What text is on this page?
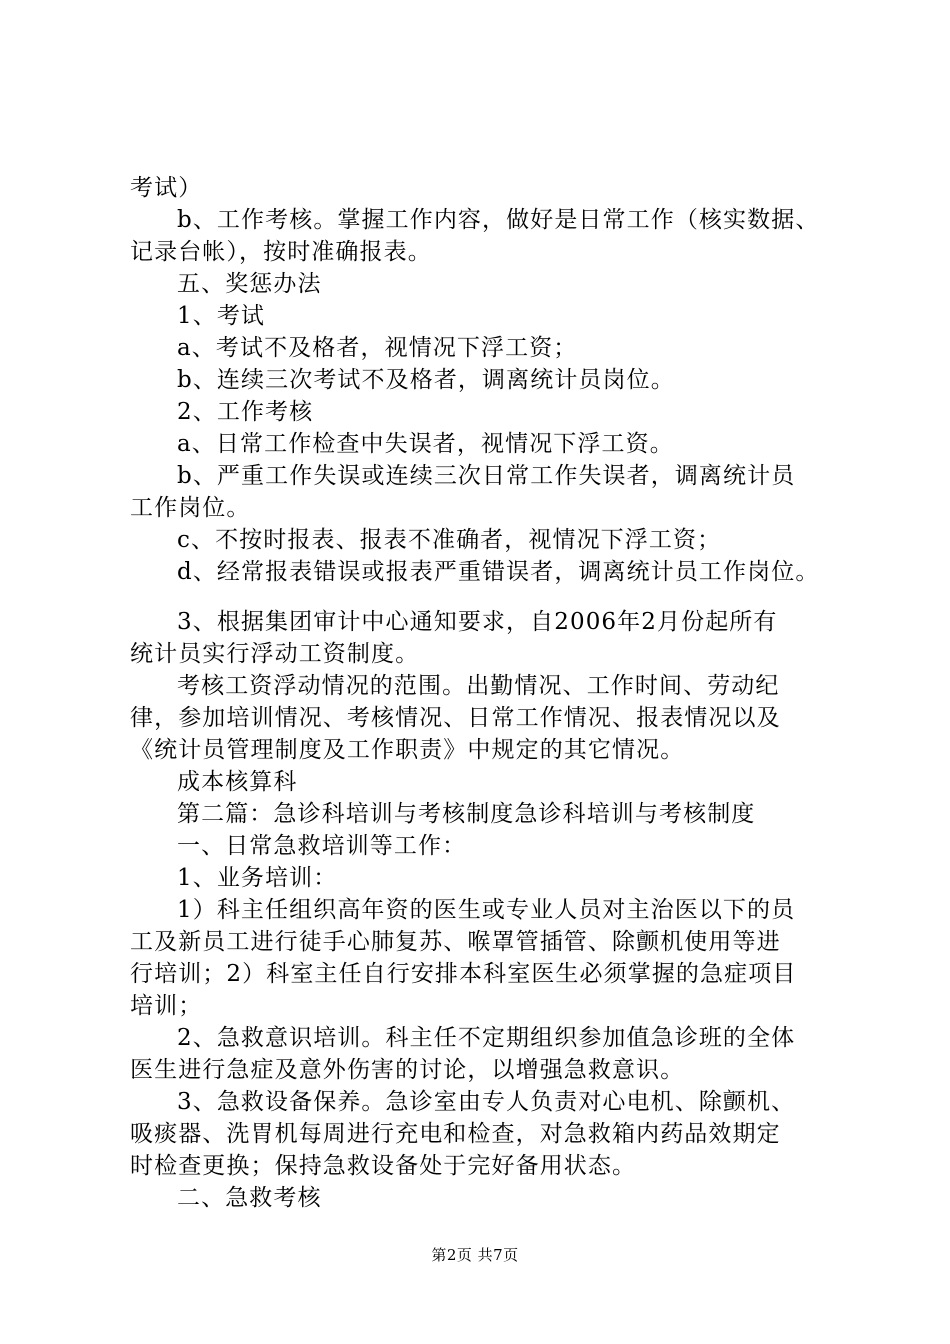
考试）
b、工作考核。掌握工作内容，做好是日常工作（核实数据、
记录台帐），按时准确报表。
五、奖惩办法
1、考试
a、考试不及格者，视情况下浮工资；
b、连续三次考试不及格者，调离统计员岗位。
2、工作考核
a、日常工作检查中失误者，视情况下浮工资。
b、严重工作失误或连续三次日常工作失误者，调离统计员
工作岗位。
c、不按时报表、报表不准确者，视情况下浮工资；
d、经常报表错误或报表严重错误者，调离统计员工作岗位。
3、根据集团审计中心通知要求，自2006年2月份起所有
统计员实行浮动工资制度。
考核工资浮动情况的范围。出勤情况、工作时间、劳动纪
律，参加培训情况、考核情况、日常工作情况、报表情况以及
《统计员管理制度及工作职责》中规定的其它情况。
成本核算科
第二篇：急诊科培训与考核制度急诊科培训与考核制度
一、日常急救培训等工作：
1、业务培训：
1）科主任组织高年资的医生或专业人员对主治医以下的员
工及新员工进行徒手心肺复苏、喉罩管插管、除颤机使用等进
行培训；2）科室主任自行安排本科室医生必须掌握的急症项目
培训；
2、急救意识培训。科主任不定期组织参加值急诊班的全体
医生进行急症及意外伤害的讨论，以增强急救意识。
3、急救设备保养。急诊室由专人负责对心电机、除颤机、
吸痰器、洗胃机每周进行充电和检查，对急救箱内药品效期定
时检查更换；保持急救设备处于完好备用状态。
二、急救考核
第2页 共7页
